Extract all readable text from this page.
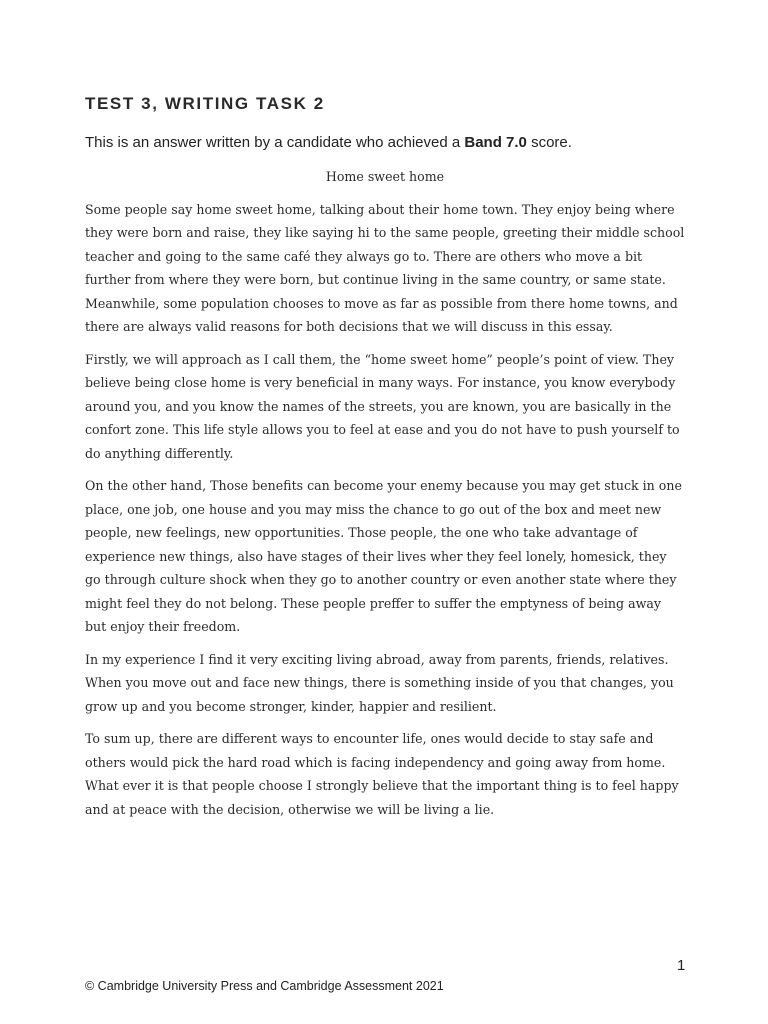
TEST 3, WRITING TASK 2

This is an answer written by a candidate who achieved a Band 7.0 score.

Home sweet home

Some people say home sweet home, talking about their home town. They enjoy being where they were born and raise, they like saying hi to the same people, greeting their middle school teacher and going to the same café they always go to. There are others who move a bit further from where they were born, but continue living in the same country, or same state. Meanwhile, some population chooses to move as far as possible from there home towns, and there are always valid reasons for both decisions that we will discuss in this essay.

Firstly, we will approach as I call them, the “home sweet home” people’s point of view. They believe being close home is very beneficial in many ways. For instance, you know everybody around you, and you know the names of the streets, you are known, you are basically in the confort zone. This life style allows you to feel at ease and you do not have to push yourself to do anything differently.

On the other hand, Those benefits can become your enemy because you may get stuck in one place, one job, one house and you may miss the chance to go out of the box and meet new people, new feelings, new opportunities. Those people, the one who take advantage of experience new things, also have stages of their lives wher they feel lonely, homesick, they go through culture shock when they go to another country or even another state where they might feel they do not belong. These people preffer to suffer the emptyness of being away but enjoy their freedom.

In my experience I find it very exciting living abroad, away from parents, friends, relatives. When you move out and face new things, there is something inside of you that changes, you grow up and you become stronger, kinder, happier and resilient.

To sum up, there are different ways to encounter life, ones would decide to stay safe and others would pick the hard road which is facing independency and going away from home. What ever it is that people choose I strongly believe that the important thing is to feel happy and at peace with the decision, otherwise we will be living a lie.

1
© Cambridge University Press and Cambridge Assessment 2021
